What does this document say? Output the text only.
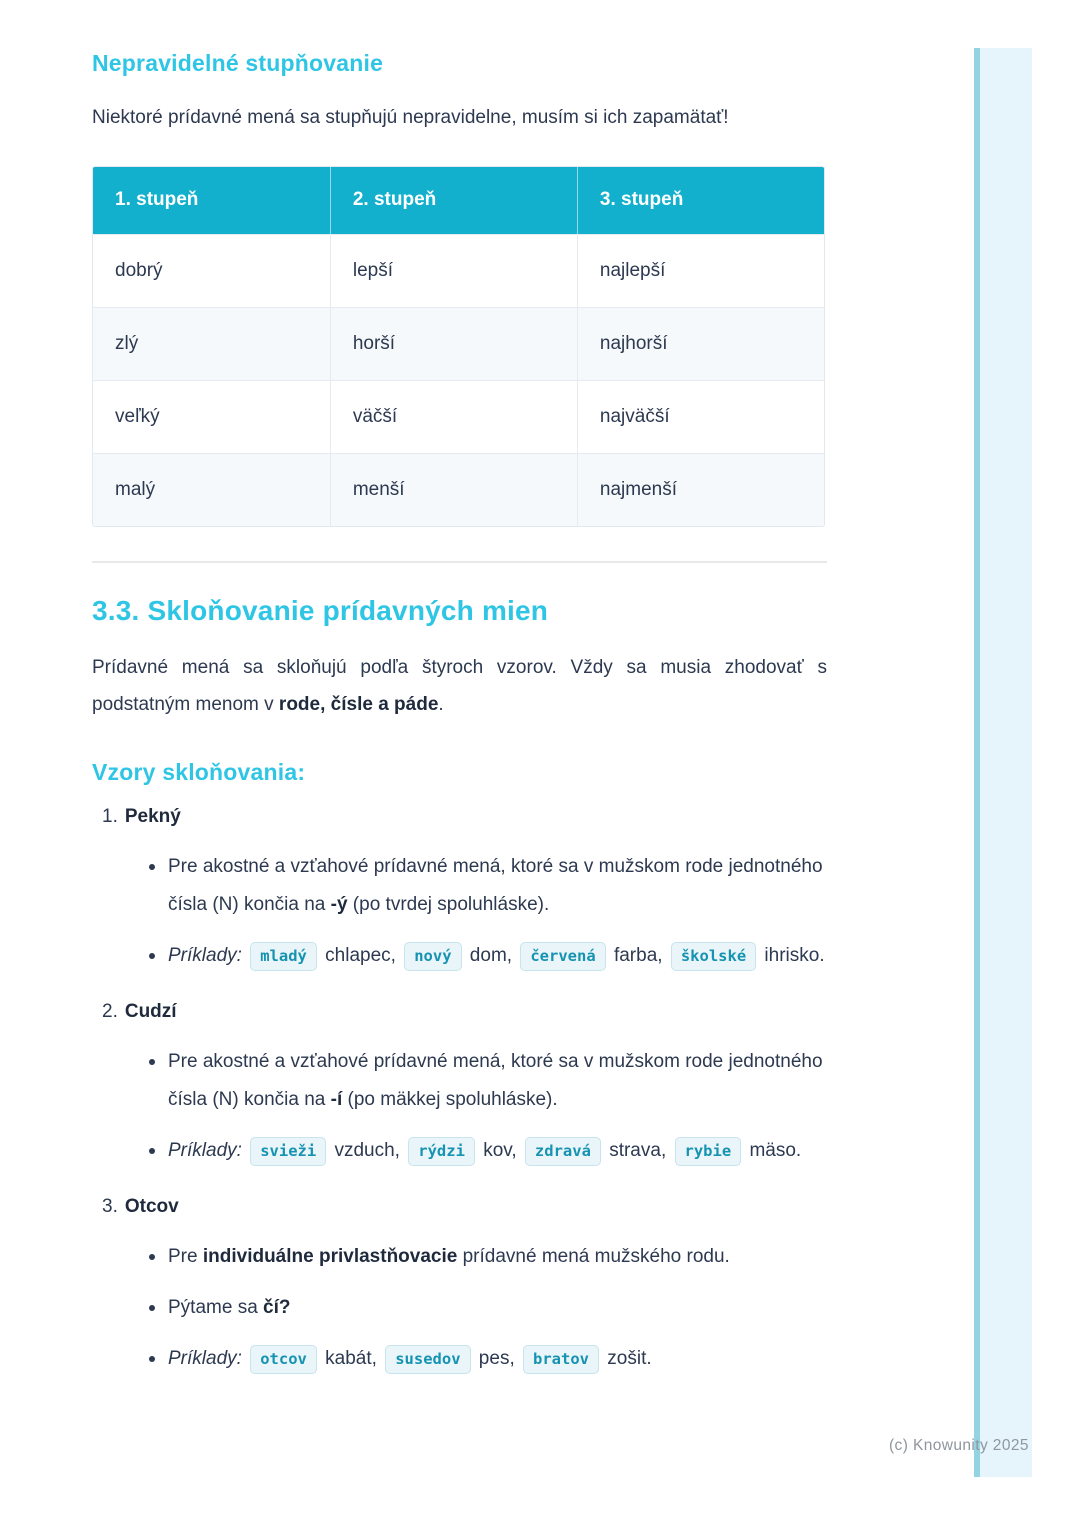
Nepravidelné stupňovanie

Niektoré prídavné mená sa stupňujú nepravidelne, musím si ich zapamätať!

1. stupeň	2. stupeň	3. stupeň
dobrý	lepší	najlepší
zlý	horší	najhorší
veľký	väčší	najväčší
malý	menší	najmenší
3.3. Skloňovanie prídavných mien

Prídavné mená sa skloňujú podľa štyroch vzorov. Vždy sa musia zhodovať s podstatným menom v rode, čísle a páde.

Vzory skloňovania:
1. Pekný
Pre akostné a vzťahové prídavné mená, ktoré sa v mužskom rode jednotného čísla (N) končia na -ý (po tvrdej spoluhláske).
Príklady: mladý chlapec, nový dom, červená farba, školské ihrisko.
2. Cudzí
Pre akostné a vzťahové prídavné mená, ktoré sa v mužskom rode jednotného čísla (N) končia na -í (po mäkkej spoluhláske).
Príklady: svieži vzduch, rýdzi kov, zdravá strava, rybie mäso.
3. Otcov
Pre individuálne privlastňovacie prídavné mená mužského rodu.
Pýtame sa čí?
Príklady: otcov kabát, susedov pes, bratov zošit.
(c) Knowunity 2025
